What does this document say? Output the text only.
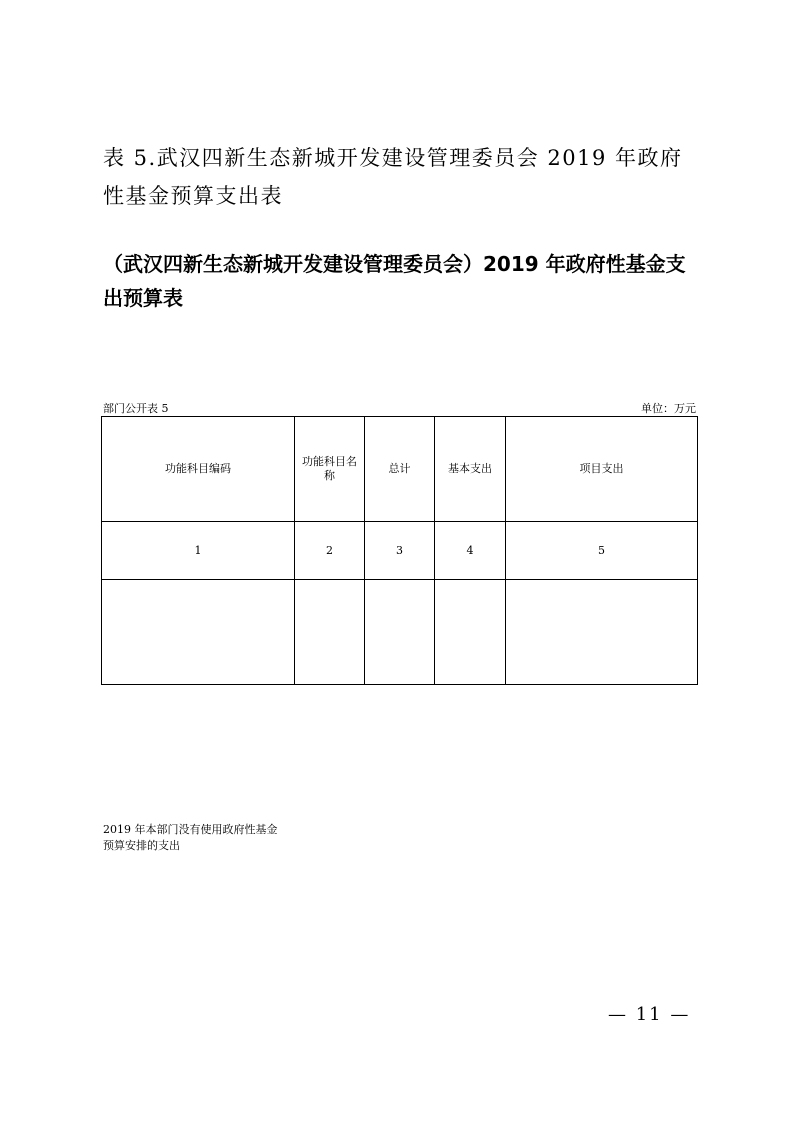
表 5.武汉四新生态新城开发建设管理委员会 2019 年政府性基金预算支出表
（武汉四新生态新城开发建设管理委员会）2019 年政府性基金支出预算表
部门公开表 5	单位：万元
功能科目编码	功能科目名称	总计	基本支出	项目支出
1	2	3	4	5

2019 年本部门没有使用政府性基金
预算安排的支出
— 11 —
